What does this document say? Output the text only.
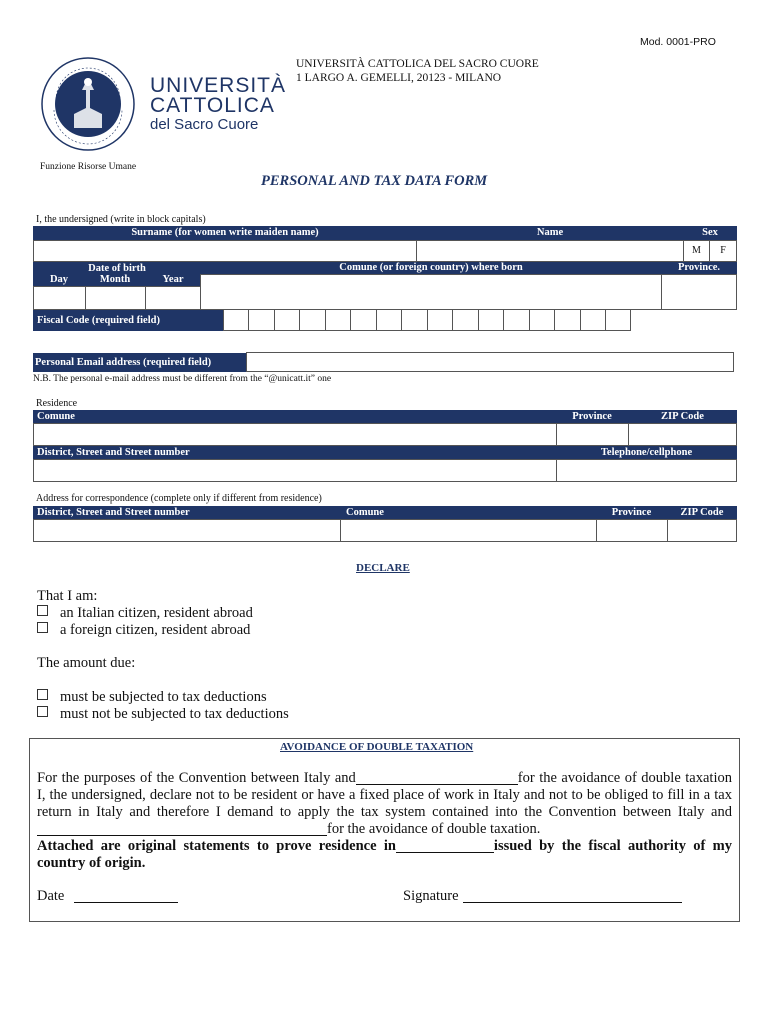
Mod. 0001-PRO
UNIVERSITÀ
CATTOLICA
del Sacro Cuore
UNIVERSITÀ CATTOLICA DEL SACRO CUORE
1 LARGO A. GEMELLI, 20123 - MILANO
Funzione Risorse Umane
PERSONAL AND TAX DATA FORM
I, the undersigned (write in block capitals)
Surname (for women write maiden name)	Name	Sex
M	F
Date of birth
Day	Month	Year
Comune (or foreign country) where born	Province.
Fiscal Code (required field)
Personal Email address (required field)
N.B. The personal e-mail address must be different from the “@unicatt.it” one
Residence
Comune	Province	ZIP Code
District, Street and Street number	Telephone/cellphone
Address for correspondence (complete only if different from residence)
District, Street and Street number	Comune	Province	ZIP Code
DECLARE
That I am:
an Italian citizen, resident abroad
a foreign citizen, resident abroad
The amount due:
must be subjected to tax deductions
must not be subjected to tax deductions
AVOIDANCE OF DOUBLE TAXATION
For the purposes of the Convention between Italy and	for the avoidance of double taxation I, the undersigned, declare not to be resident or have a fixed place of work in Italy and not to be obliged to fill in a tax return in Italy and therefore I demand to apply the tax system contained into the Convention between Italy andfor the avoidance of double taxation.
Attached are original statements to prove residence in	issued by the fiscal authority of my country of origin.
Date	Signature
